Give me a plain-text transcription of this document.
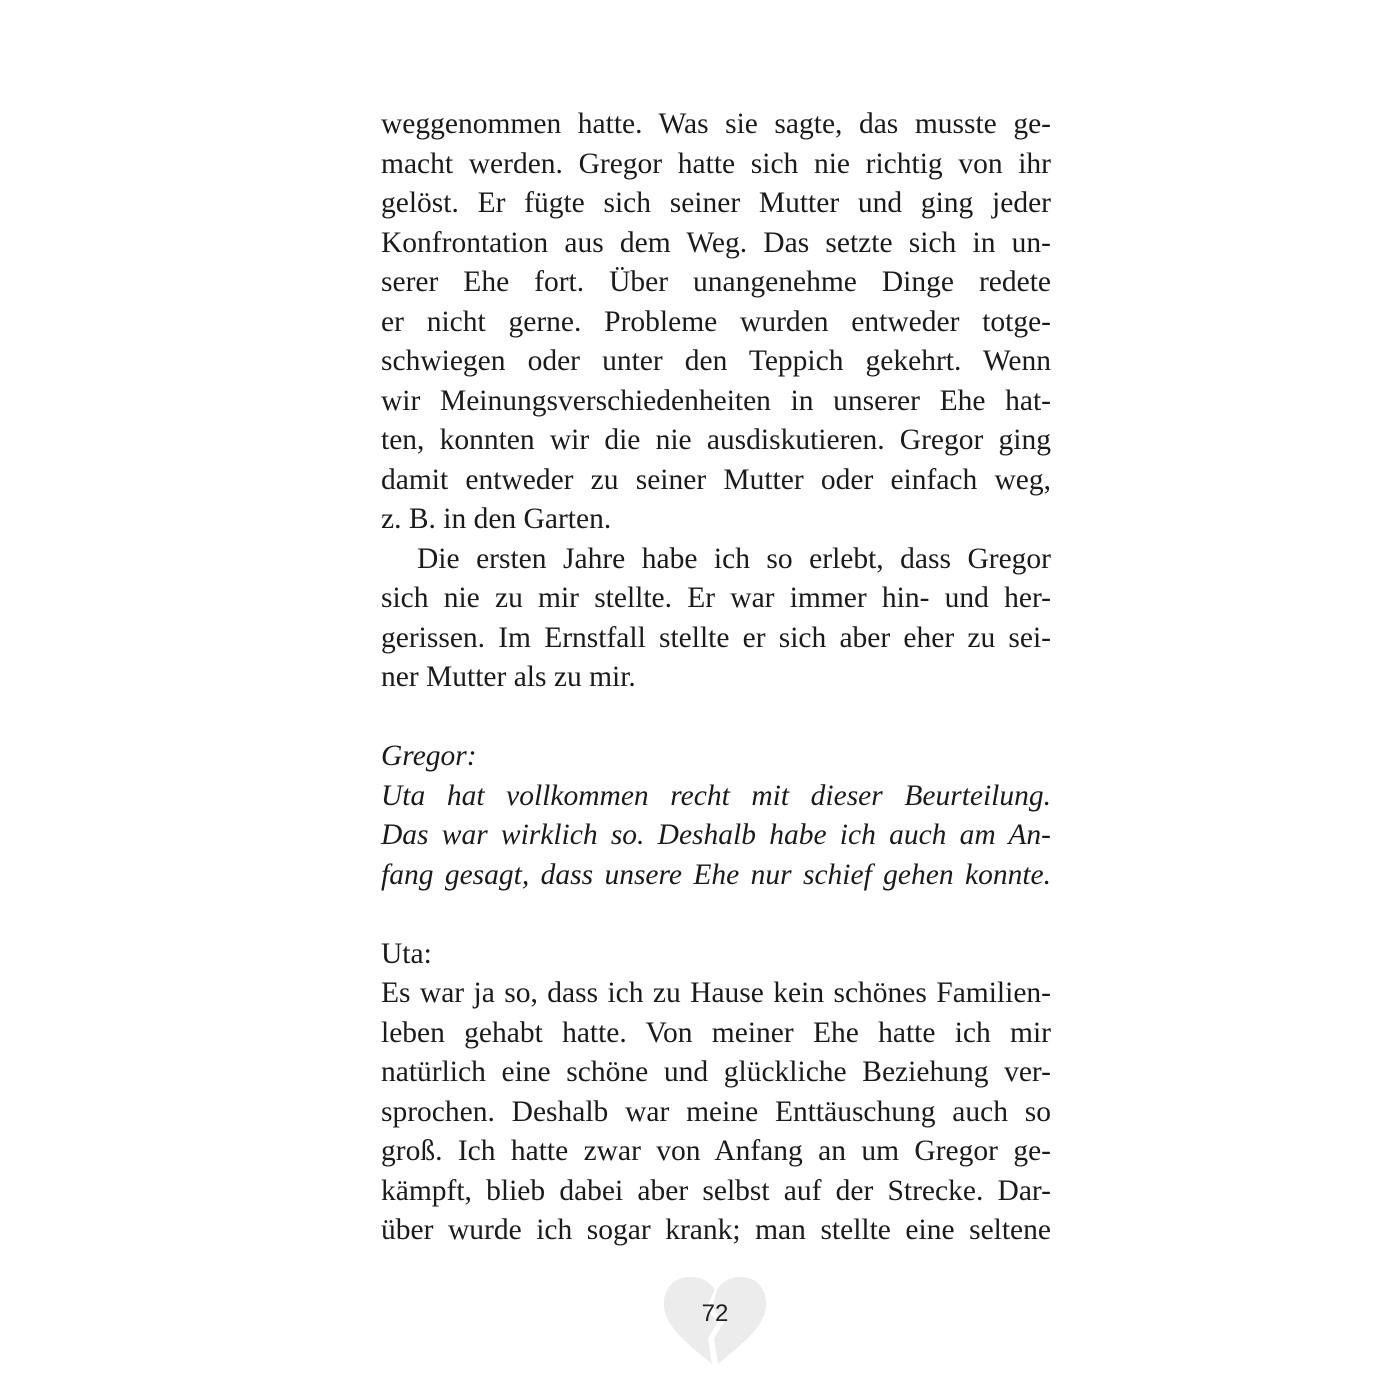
weggenommen hatte. Was sie sagte, das musste ge-
macht werden. Gregor hatte sich nie richtig von ihr
gelöst. Er fügte sich seiner Mutter und ging jeder
Konfrontation aus dem Weg. Das setzte sich in un-
serer Ehe fort. Über unangenehme Dinge redete
er nicht gerne. Probleme wurden entweder totge-
schwiegen oder unter den Teppich gekehrt. Wenn
wir Meinungsverschiedenheiten in unserer Ehe hat-
ten, konnten wir die nie ausdiskutieren. Gregor ging
damit entweder zu seiner Mutter oder einfach weg,
z. B. in den Garten.
Die ersten Jahre habe ich so erlebt, dass Gregor
sich nie zu mir stellte. Er war immer hin- und her-
gerissen. Im Ernstfall stellte er sich aber eher zu sei-
ner Mutter als zu mir.
Gregor:
Uta hat vollkommen recht mit dieser Beurteilung.
Das war wirklich so. Deshalb habe ich auch am An-
fang gesagt, dass unsere Ehe nur schief gehen konnte.
Uta:
Es war ja so, dass ich zu Hause kein schönes Familien-
leben gehabt hatte. Von meiner Ehe hatte ich mir
natürlich eine schöne und glückliche Beziehung ver-
sprochen. Deshalb war meine Enttäuschung auch so
groß. Ich hatte zwar von Anfang an um Gregor ge-
kämpft, blieb dabei aber selbst auf der Strecke. Dar-
über wurde ich sogar krank; man stellte eine seltene
72
